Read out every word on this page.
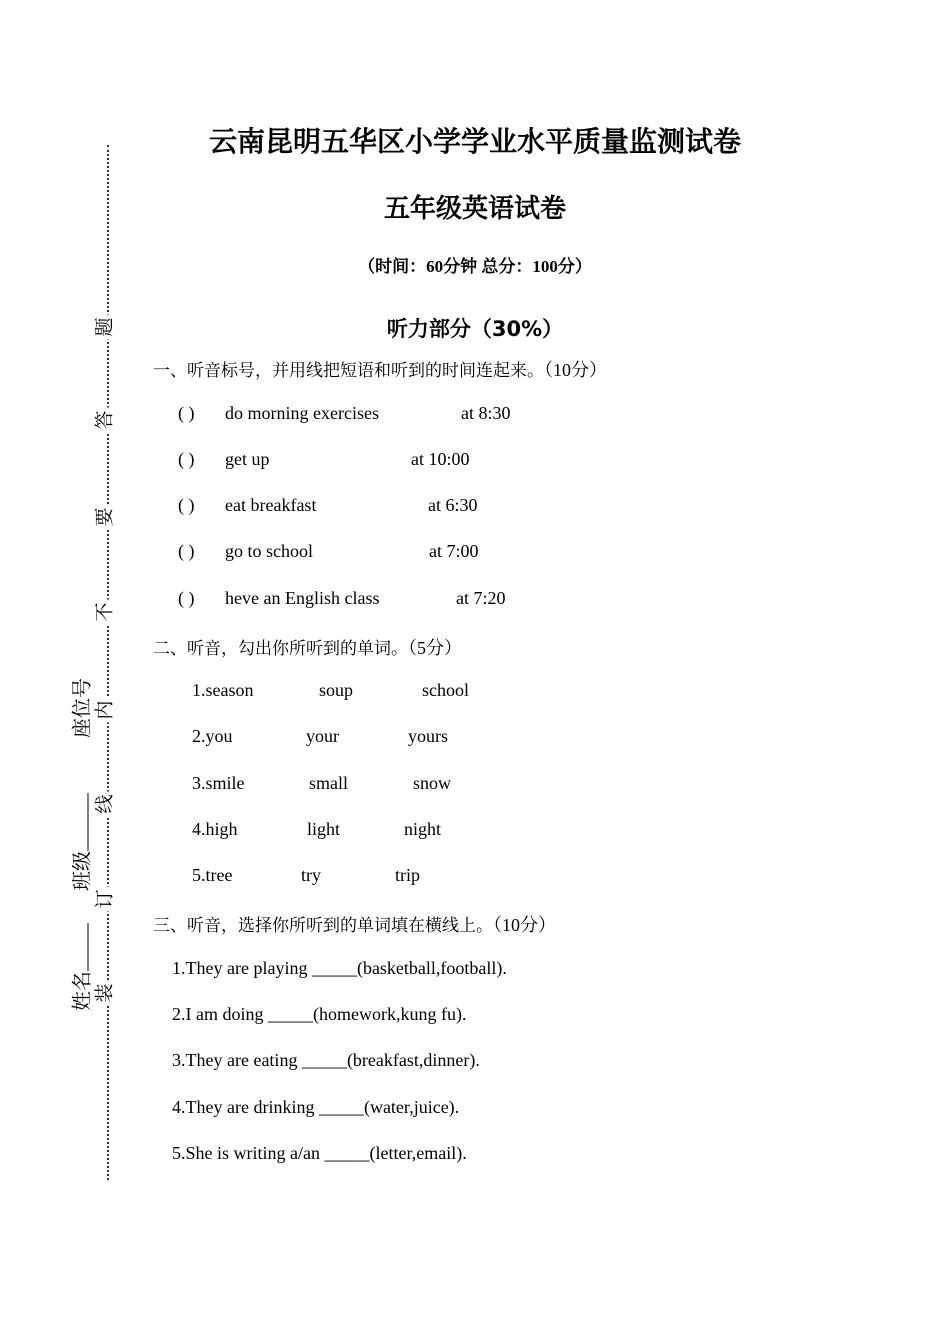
题
答
要
不
内
线
订
装
姓名
班级
座位号
云南昆明五华区小学学业水平质量监测试卷
五年级英语试卷
（时间：60分钟 总分：100分）
听力部分（30%）
一、听音标号，并用线把短语和听到的时间连起来。（10分）
( ) do morning exercises	at 8:30
( ) get up	at 10:00
( ) eat breakfast	at 6:30
( ) go to school	at 7:00
( ) heve an English class	at 7:20
二、听音，勾出你所听到的单词。（5分）
1.season	soup	school
2.you	your	yours
3.smile	small	snow
4.high	light	night
5.tree	try	trip
三、听音，选择你所听到的单词填在横线上。（10分）
1.They are playing _____(basketball,football).
2.I am doing _____(homework,kung fu).
3.They are eating _____(breakfast,dinner).
4.They are drinking _____(water,juice).
5.She is writing a/an _____(letter,email).
